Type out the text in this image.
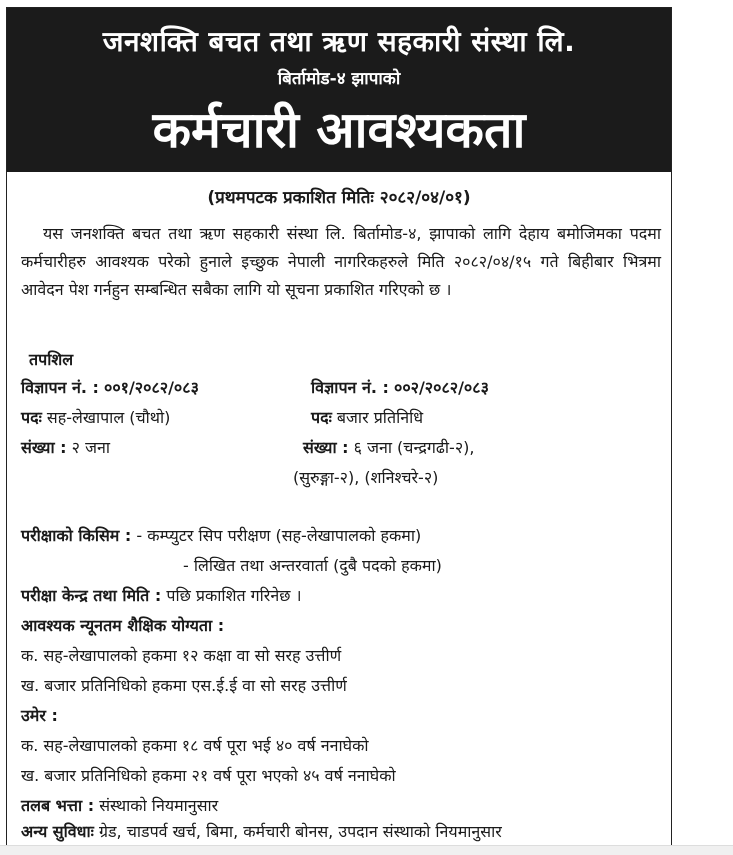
जनशक्ति बचत तथा ऋण सहकारी संस्था लि.
बिर्तामोड-४ झापाको
कर्मचारी आवश्यकता
(प्रथमपटक प्रकाशित मितिः २०८२/०४/०१)
यस जनशक्ति बचत तथा ऋण सहकारी संस्था लि. बिर्तामोड-४, झापाको लागि देहाय बमोजिमका पदमा कर्मचारीहरु आवश्यक परेको हुनाले इच्छुक नेपाली नागरिकहरुले मिति २०८२/०४/१५ गते बिहीबार भित्रमा आवेदन पेश गर्नहुन सम्बन्धित सबैका लागि यो सूचना प्रकाशित गरिएको छ ।
तपशिल
विज्ञापन नं. : ००१/२०८२/०८३
पदः सह-लेखापाल (चौथो)
संख्या : २ जना
विज्ञापन नं. : ००२/२०८२/०८३
पदः बजार प्रतिनिधि
संख्या : ६ जना (चन्द्रगढी-२),
(सुरुङ्गा-२), (शनिश्चरे-२)
परीक्षाको किसिम : - कम्प्युटर सिप परीक्षण (सह-लेखापालको हकमा)
- लिखित तथा अन्तरवार्ता (दुबै पदको हकमा)
परीक्षा केन्द्र तथा मिति : पछि प्रकाशित गरिनेछ ।
आवश्यक न्यूनतम शैक्षिक योग्यता :
क. सह-लेखापालको हकमा १२ कक्षा वा सो सरह उत्तीर्ण
ख. बजार प्रतिनिधिको हकमा एस.ई.ई वा सो सरह उत्तीर्ण
उमेर :
क. सह-लेखापालको हकमा १८ वर्ष पूरा भई ४० वर्ष ननाघेको
ख. बजार प्रतिनिधिको हकमा २१ वर्ष पूरा भएको ४५ वर्ष ननाघेको
तलब भत्ता : संस्थाको नियमानुसार
अन्य सुविधाः ग्रेड, चाडपर्व खर्च, बिमा, कर्मचारी बोनस, उपदान संस्थाको नियमानुसार
